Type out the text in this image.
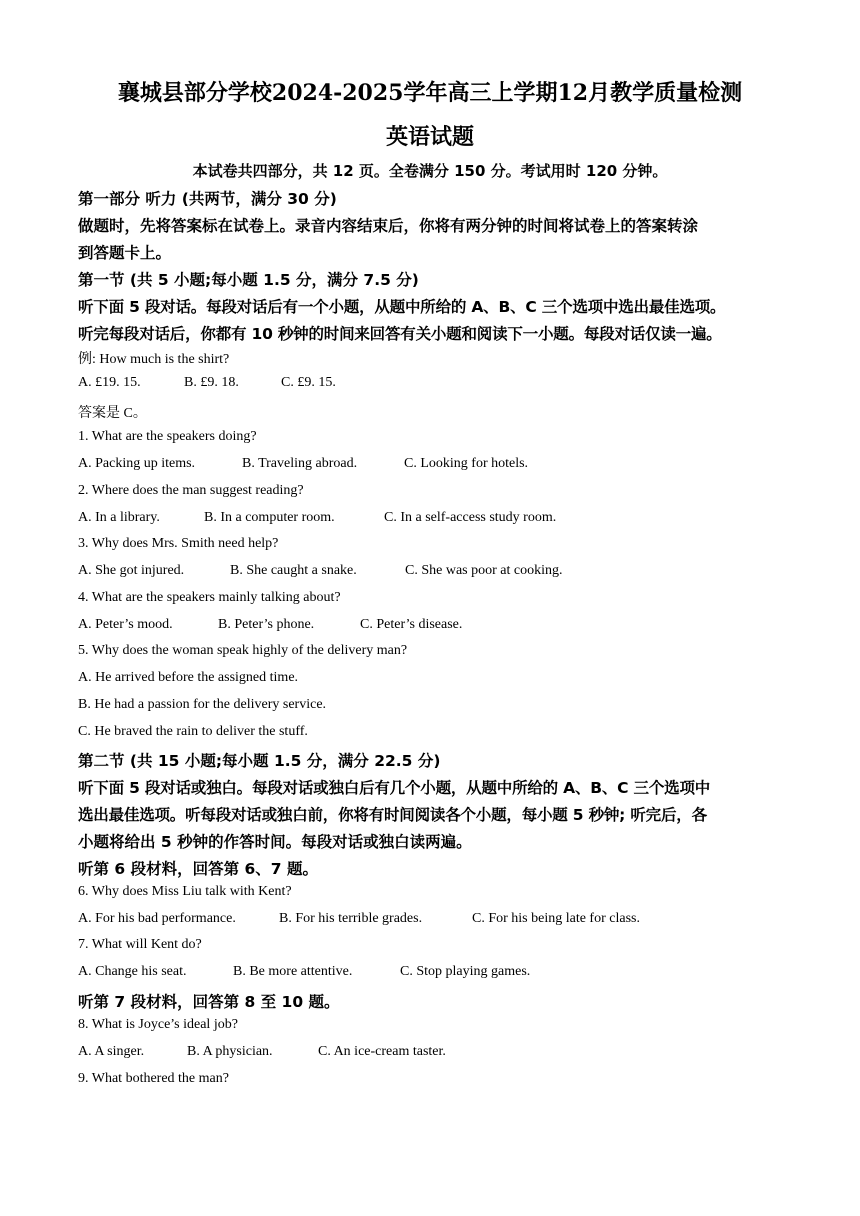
襄城县部分学校2024-2025学年高三上学期12月教学质量检测
英语试题
本试卷共四部分，共 12 页。全卷满分 150 分。考试用时 120 分钟。
第一部分 听力 (共两节，满分 30 分)
做题时，先将答案标在试卷上。录音内容结束后，你将有两分钟的时间将试卷上的答案转涂
到答题卡上。
第一节 (共 5 小题;每小题 1.5 分，满分 7.5 分)
听下面 5 段对话。每段对话后有一个小题，从题中所给的 A、B、C 三个选项中选出最佳选项。
听完每段对话后，你都有 10 秒钟的时间来回答有关小题和阅读下一小题。每段对话仅读一遍。
例: How much is the shirt?
A. £19. 15.	B. £9. 18.	C. £9. 15.
答案是 C。
1. What are the speakers doing?
A. Packing up items.	B. Traveling abroad.	C. Looking for hotels.
2. Where does the man suggest reading?
A. In a library.	B. In a computer room.	C. In a self-access study room.
3. Why does Mrs. Smith need help?
A. She got injured.	B. She caught a snake.	C. She was poor at cooking.
4. What are the speakers mainly talking about?
A. Peter’s mood.	B. Peter’s phone.	C. Peter’s disease.
5. Why does the woman speak highly of the delivery man?
A. He arrived before the assigned time.
B. He had a passion for the delivery service.
C. He braved the rain to deliver the stuff.
第二节 (共 15 小题;每小题 1.5 分，满分 22.5 分)
听下面 5 段对话或独白。每段对话或独白后有几个小题，从题中所给的 A、B、C 三个选项中
选出最佳选项。听每段对话或独白前，你将有时间阅读各个小题，每小题 5 秒钟; 听完后，各
小题将给出 5 秒钟的作答时间。每段对话或独白读两遍。
听第 6 段材料，回答第 6、7 题。
6. Why does Miss Liu talk with Kent?
A. For his bad performance.	B. For his terrible grades.	C. For his being late for class.
7. What will Kent do?
A. Change his seat.	B. Be more attentive.	C. Stop playing games.
听第 7 段材料，回答第 8 至 10 题。
8. What is Joyce’s ideal job?
A. A singer.	B. A physician.	C. An ice-cream taster.
9. What bothered the man?
